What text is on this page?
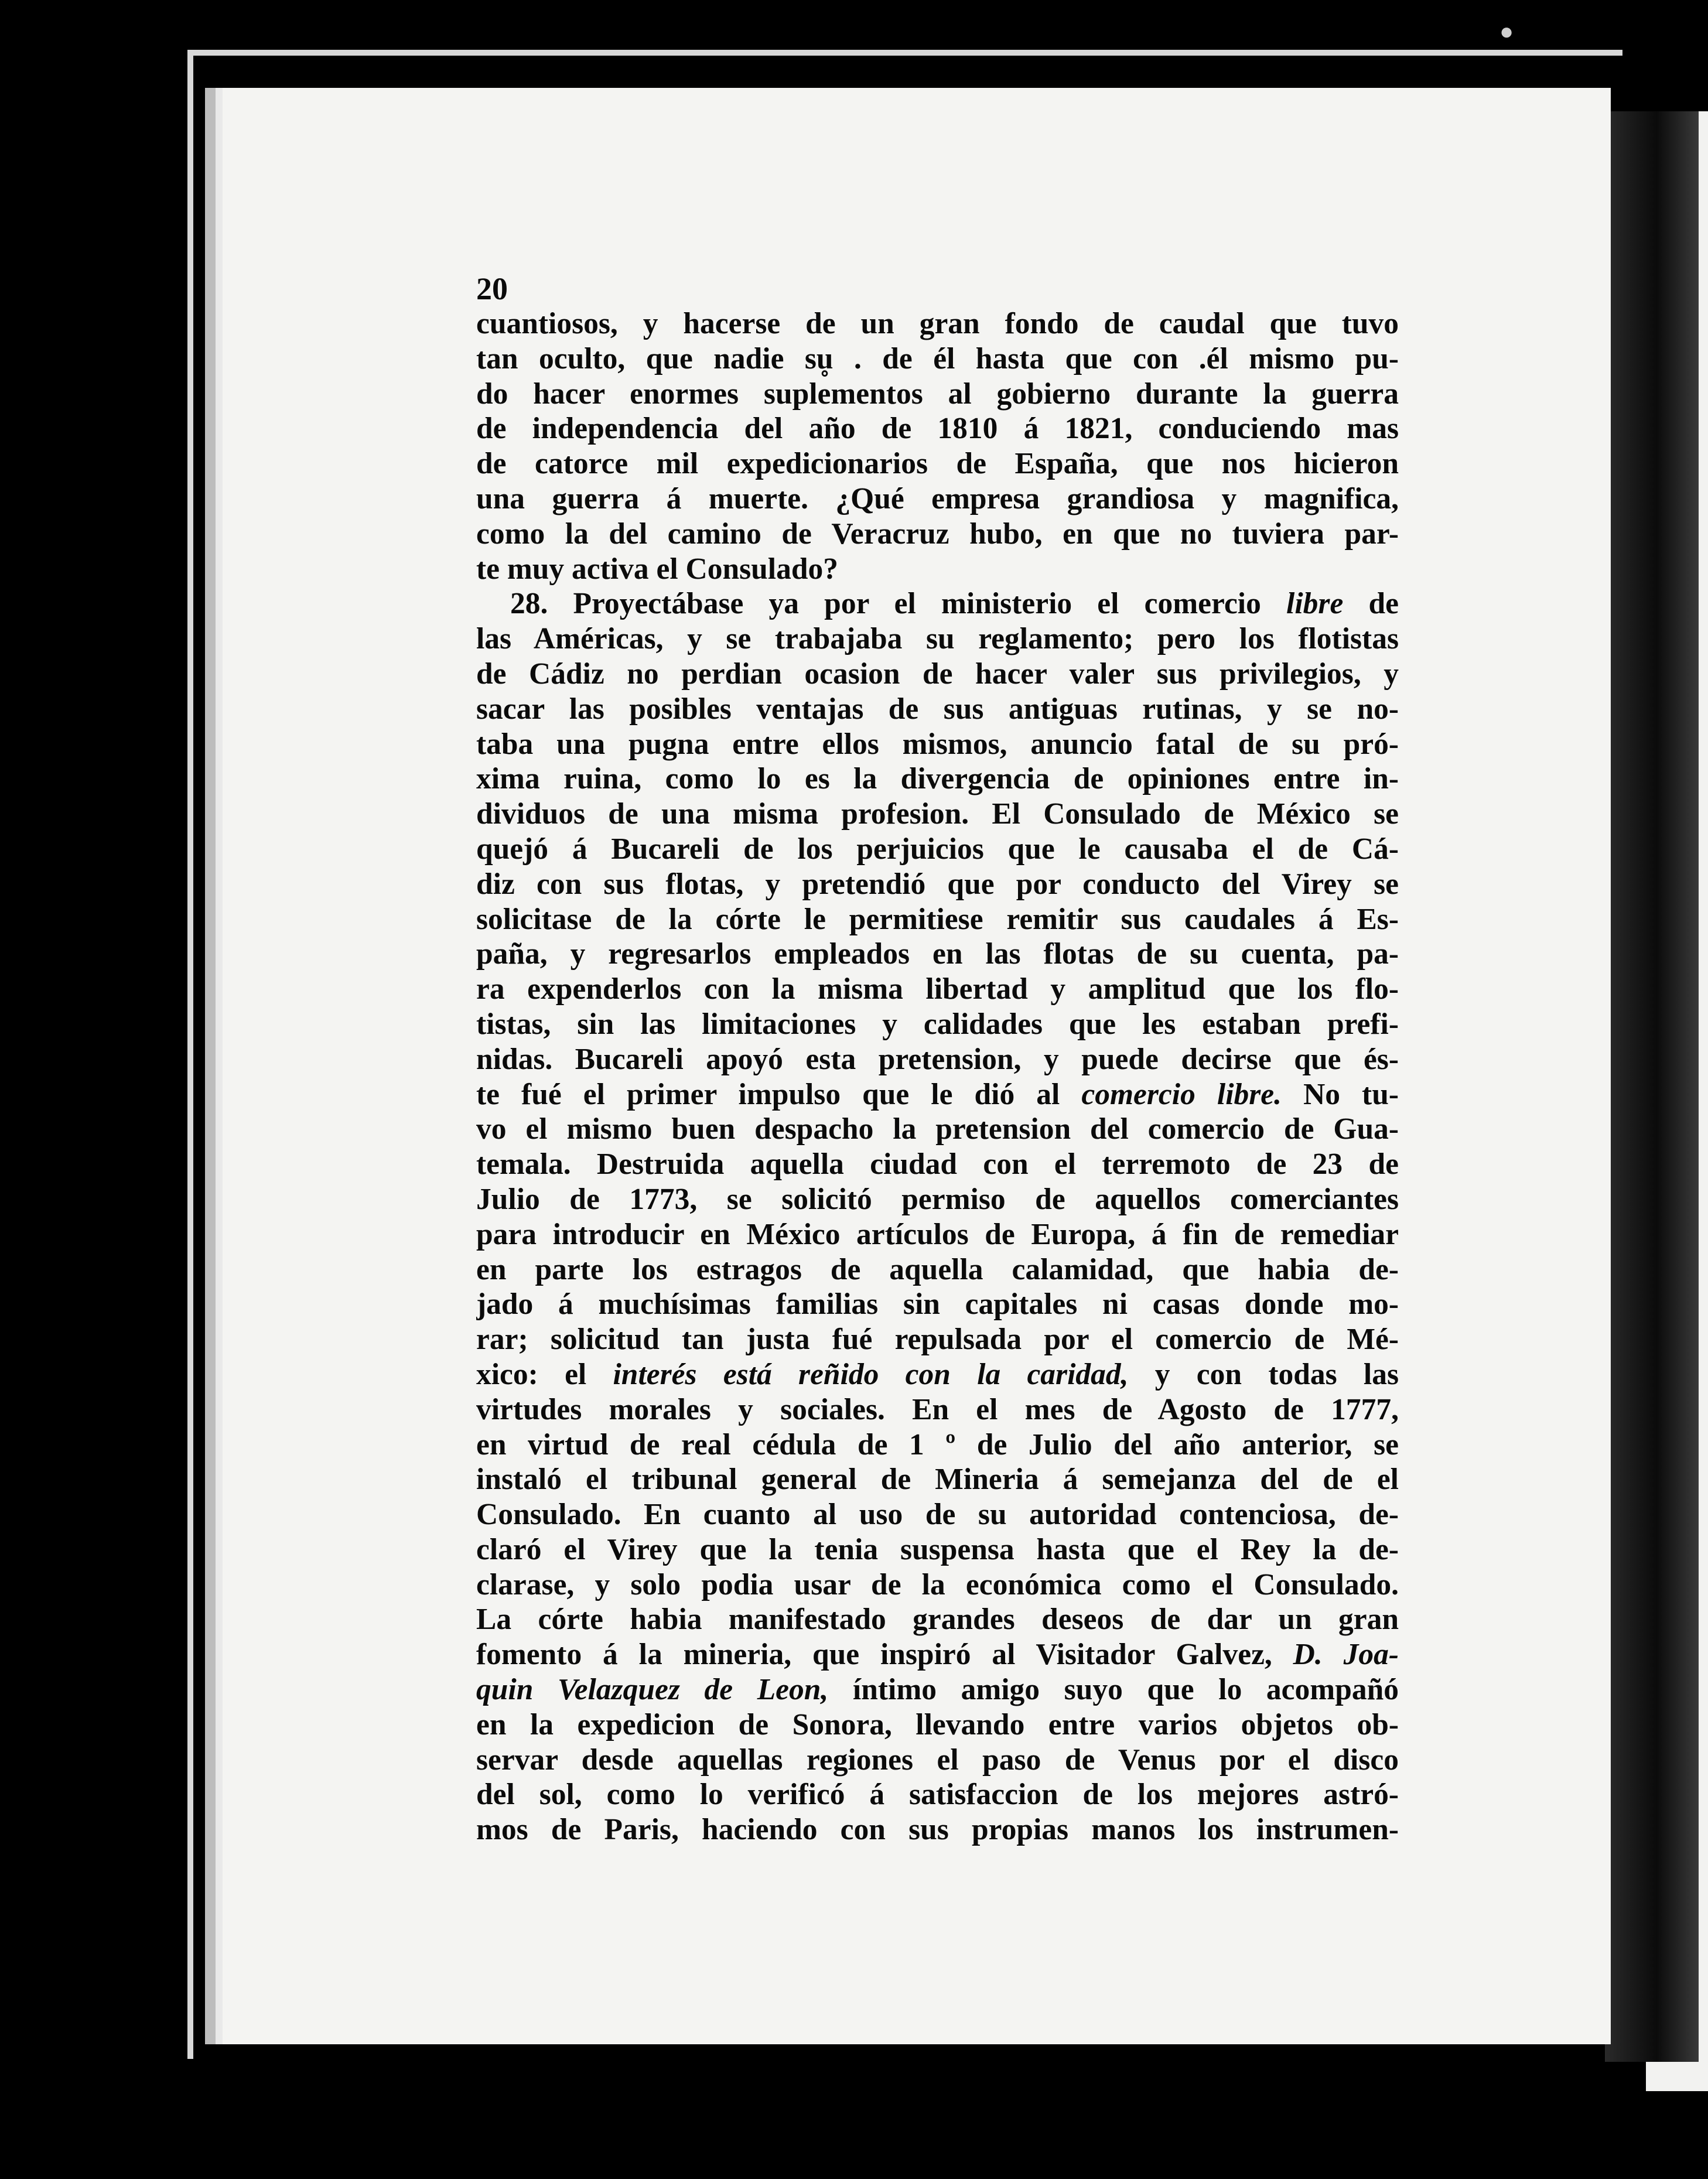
●
20
cuantiosos, y hacerse de un gran fondo de caudal que tuvo
tan oculto, que nadie su̥ . de él hasta que con .él mismo pu-
do hacer enormes suplementos al gobierno durante la guerra
de independencia del año de 1810 á 1821, conduciendo mas
de catorce mil expedicionarios de España, que nos hicieron
una guerra á muerte. ¿Qué empresa grandiosa y magnifica,
como la del camino de Veracruz hubo, en que no tuviera par-
te muy activa el Consulado?
28. Proyectábase ya por el ministerio el comercio libre de
las Américas, y se trabajaba su reglamento; pero los flotistas
de Cádiz no perdian ocasion de hacer valer sus privilegios, y
sacar las posibles ventajas de sus antiguas rutinas, y se no-
taba una pugna entre ellos mismos, anuncio fatal de su pró-
xima ruina, como lo es la divergencia de opiniones entre in-
dividuos de una misma profesion. El Consulado de México se
quejó á Bucareli de los perjuicios que le causaba el de Cá-
diz con sus flotas, y pretendió que por conducto del Virey se
solicitase de la córte le permitiese remitir sus caudales á Es-
paña, y regresarlos empleados en las flotas de su cuenta, pa-
ra expenderlos con la misma libertad y amplitud que los flo-
tistas, sin las limitaciones y calidades que les estaban prefi-
nidas. Bucareli apoyó esta pretension, y puede decirse que és-
te fué el primer impulso que le dió al comercio libre. No tu-
vo el mismo buen despacho la pretension del comercio de Gua-
temala. Destruida aquella ciudad con el terremoto de 23 de
Julio de 1773, se solicitó permiso de aquellos comerciantes
para introducir en México artículos de Europa, á fin de remediar
en parte los estragos de aquella calamidad, que habia de-
jado á muchísimas familias sin capitales ni casas donde mo-
rar; solicitud tan justa fué repulsada por el comercio de Mé-
xico: el interés está reñido con la caridad, y con todas las
virtudes morales y sociales. En el mes de Agosto de 1777,
en virtud de real cédula de 1 º de Julio del año anterior, se
instaló el tribunal general de Mineria á semejanza del de el
Consulado. En cuanto al uso de su autoridad contenciosa, de-
claró el Virey que la tenia suspensa hasta que el Rey la de-
clarase, y solo podia usar de la económica como el Consulado.
La córte habia manifestado grandes deseos de dar un gran
fomento á la mineria, que inspiró al Visitador Galvez, D. Joa-
quin Velazquez de Leon, íntimo amigo suyo que lo acompañó
en la expedicion de Sonora, llevando entre varios objetos ob-
servar desde aquellas regiones el paso de Venus por el disco
del sol, como lo verificó á satisfaccion de los mejores astró-
mos de Paris, haciendo con sus propias manos los instrumen-
